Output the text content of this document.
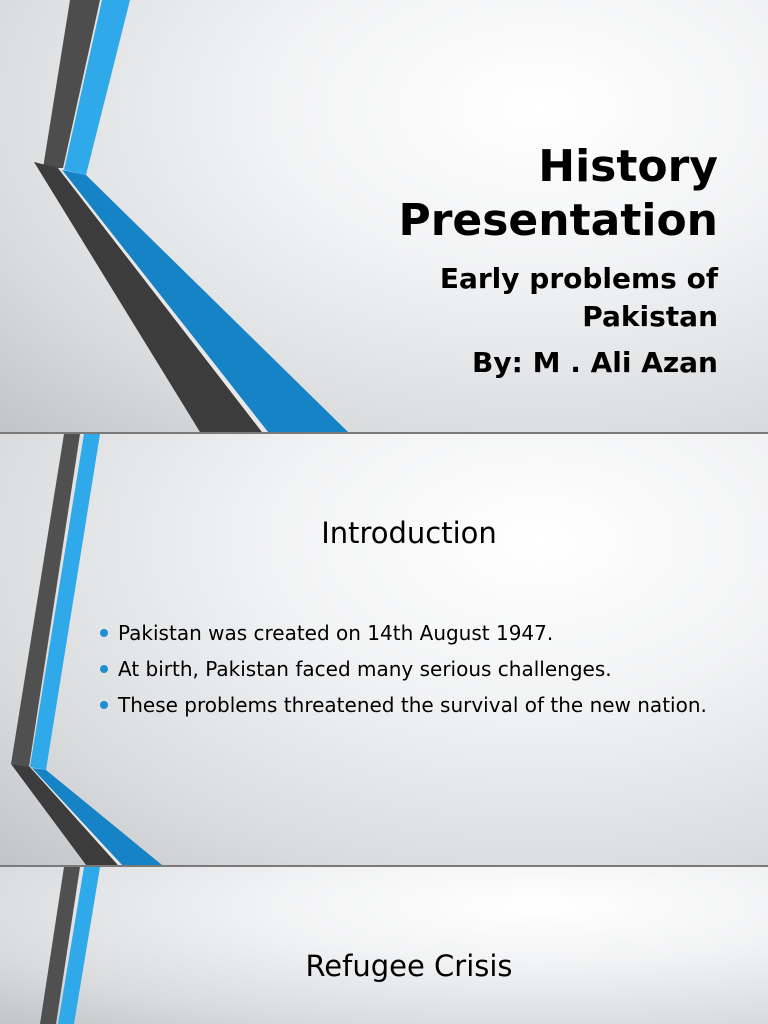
History Presentation

Early problems of Pakistan

By: M . Ali Azan

Introduction
Pakistan was created on 14th August 1947.
At birth, Pakistan faced many serious challenges.
These problems threatened the survival of the new nation.
Refugee Crisis
